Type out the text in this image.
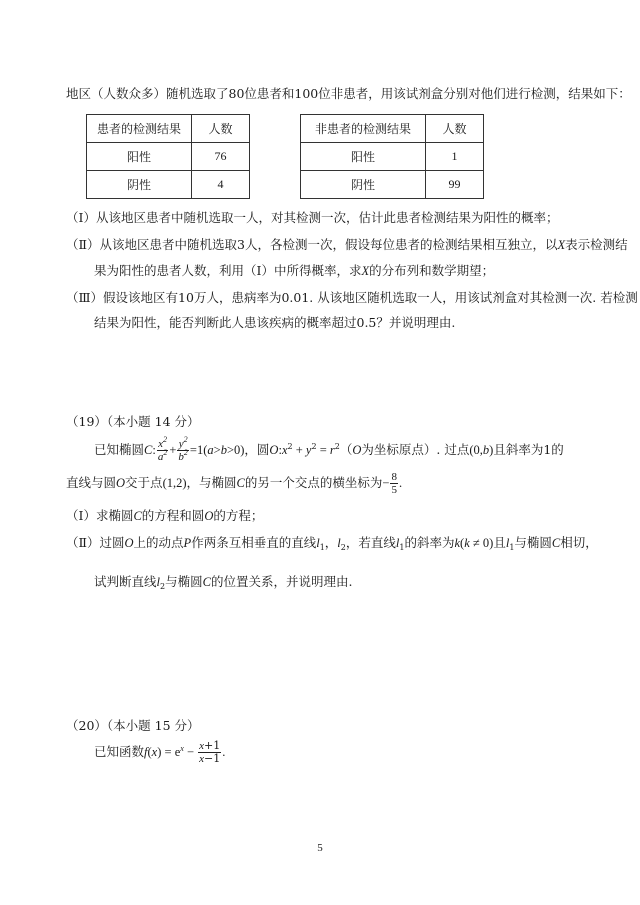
地区（人数众多）随机选取了80位患者和100位非患者，用该试剂盒分别对他们进行检测，结果如下：
患者的检测结果	人数
阳性	76
阴性	4
非患者的检测结果	人数
阳性	1
阴性	99
（Ⅰ）从该地区患者中随机选取一人，对其检测一次，估计此患者检测结果为阳性的概率；
（Ⅱ）从该地区患者中随机选取3人，各检测一次，假设每位患者的检测结果相互独立，以X表示检测结
果为阳性的患者人数，利用（Ⅰ）中所得概率，求X的分布列和数学期望；
（Ⅲ）假设该地区有10万人，患病率为0.01. 从该地区随机选取一人，用该试剂盒对其检测一次. 若检测
结果为阳性，能否判断此人患该疾病的概率超过0.5？并说明理由.
（19）（本小题 14 分）
已知椭圆C: $\frac{x^2}{a^2} + \frac{y^2}{b^2} =1(a>b>0)$，圆$O:x^2 + y^2 = r^2(O$为坐标原点）. 过点(0,b)且斜率为1的
直线与圆O交于点(1,2)，与椭圆C的另一个交点的横坐标为− $\frac{8}{5}$ .
（Ⅰ）求椭圆C的方程和圆O的方程；
（Ⅱ）过圆O上的动点P作两条互相垂直的直线$l_1$，$l_2$，若直线$l_1$的斜率为k(k ≠ 0)且$l_1$与椭圆C相切，
试判断直线$l_2$与椭圆C的位置关系，并说明理由.
（20）（本小题 15 分）
已知函数$f(x) = e^x - \frac{x+1}{x-1}$ .
5
